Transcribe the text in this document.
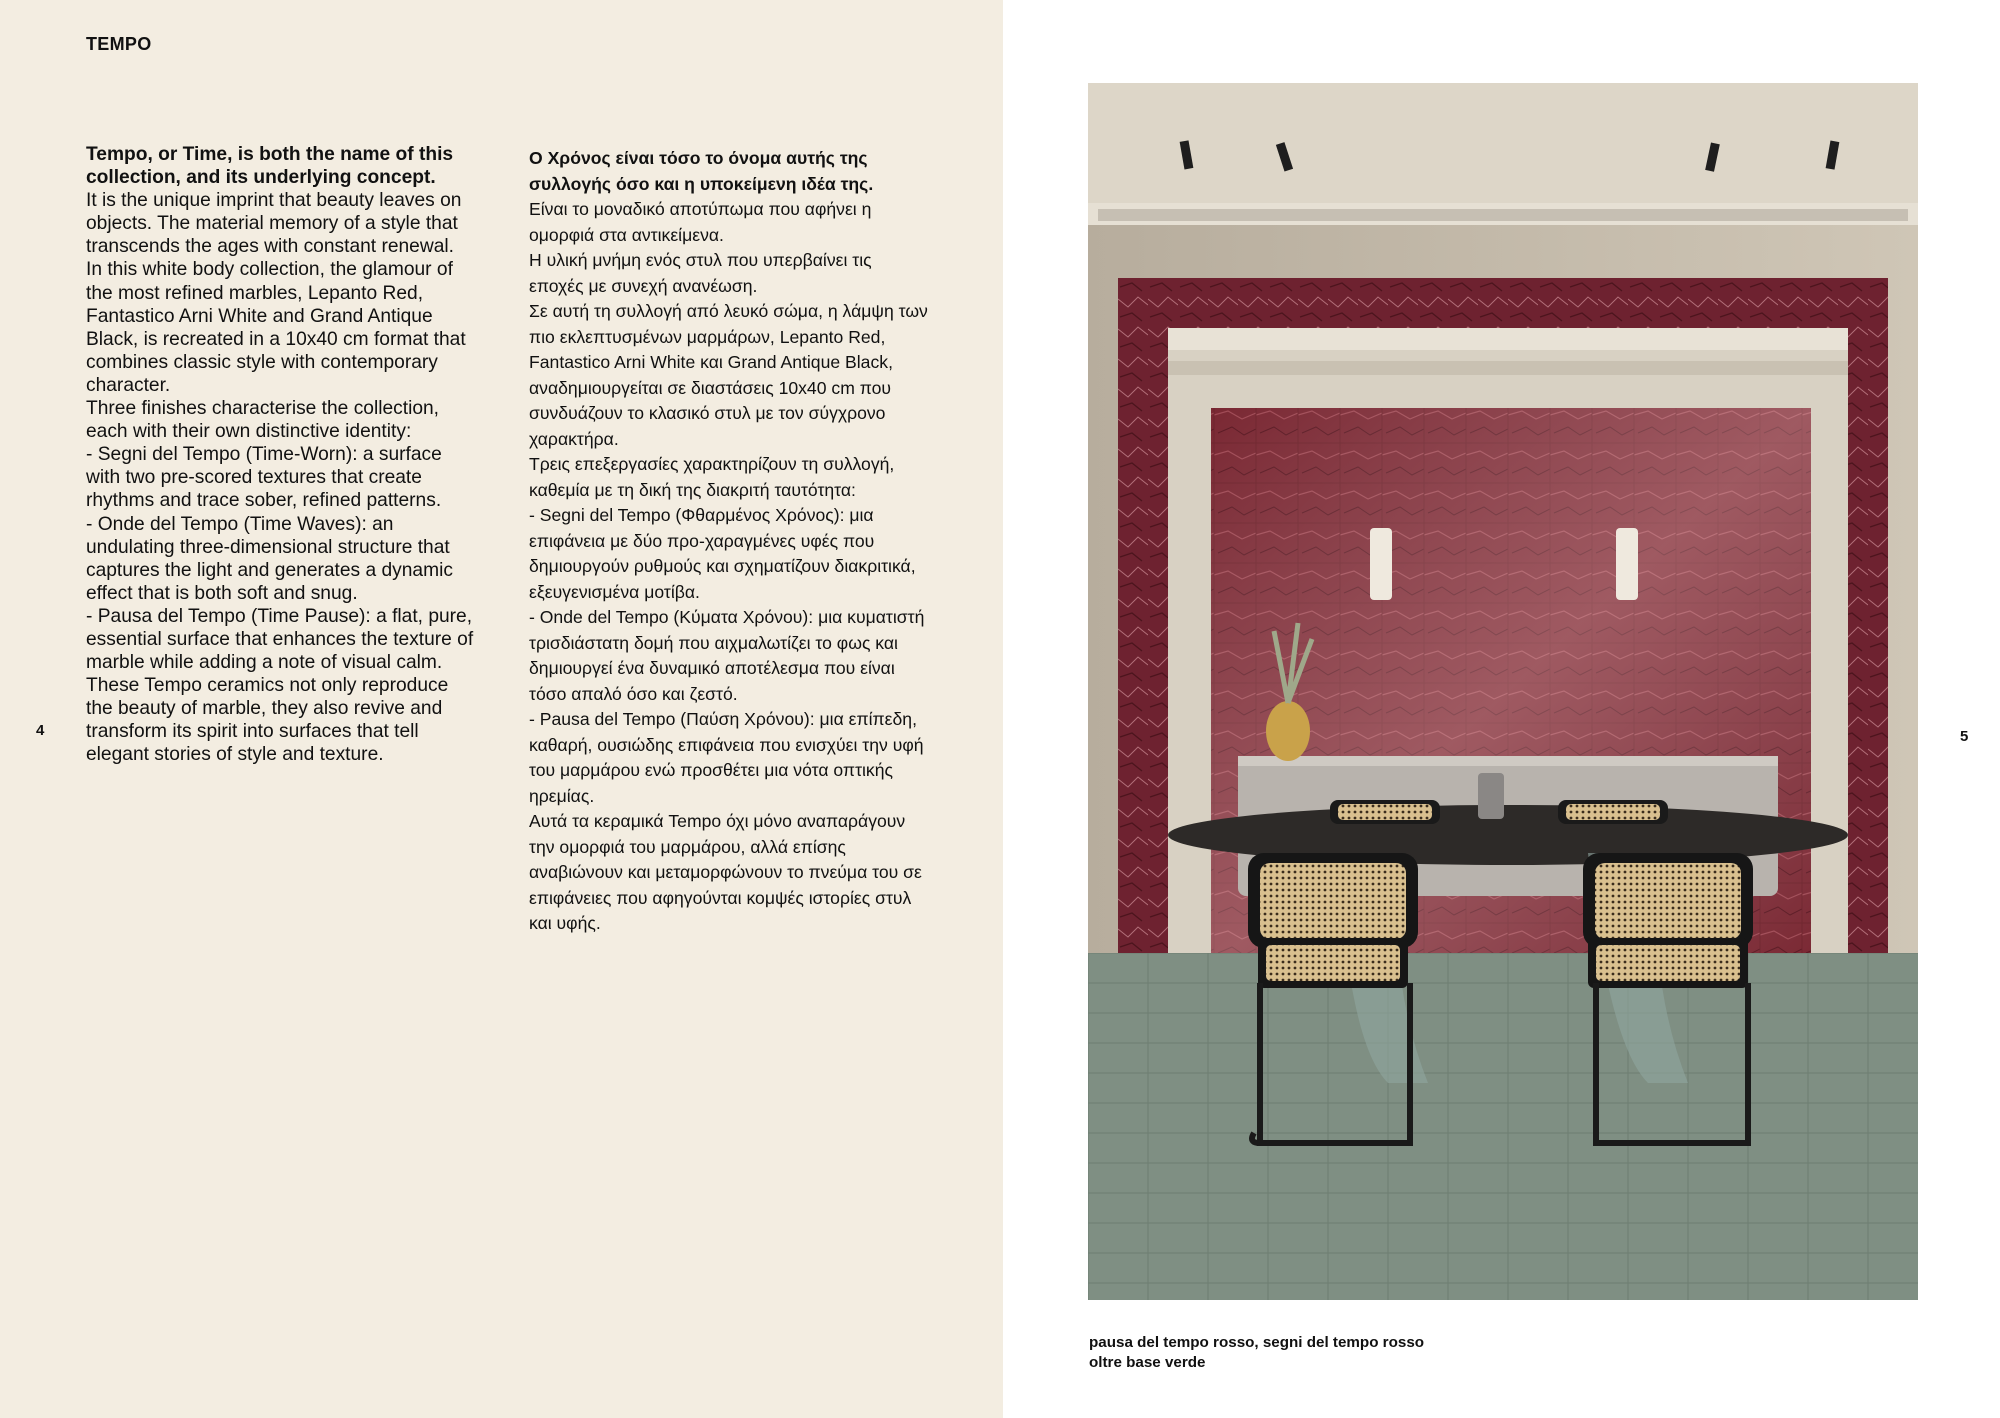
TEMPO

Tempo, or Time, is both the name of this collection, and its underlying concept.

It is the unique imprint that beauty leaves on objects. The material memory of a style that transcends the ages with constant renewal.

In this white body collection, the glamour of the most refined marbles, Lepanto Red, Fantastico Arni White and Grand Antique Black, is recreated in a 10x40 cm format that combines classic style with contemporary character.

Three finishes characterise the collection, each with their own distinctive identity:

- Segni del Tempo (Time-Worn): a surface with two pre-scored textures that create rhythms and trace sober, refined patterns.

- Onde del Tempo (Time Waves): an undulating three-dimensional structure that captures the light and generates a dynamic effect that is both soft and snug.

- Pausa del Tempo (Time Pause): a flat, pure, essential surface that enhances the texture of marble while adding a note of visual calm.

These Tempo ceramics not only reproduce the beauty of marble, they also revive and transform its spirit into surfaces that tell elegant stories of style and texture.

Ο Χρόνος είναι τόσο το όνομα αυτής της συλλογής όσο και η υποκείμενη ιδέα της.

Είναι το μοναδικό αποτύπωμα που αφήνει η ομορφιά στα αντικείμενα.

Η υλική μνήμη ενός στυλ που υπερβαίνει τις εποχές με συνεχή ανανέωση.

Σε αυτή τη συλλογή από λευκό σώμα, η λάμψη των πιο εκλεπτυσμένων μαρμάρων, Lepanto Red, Fantastico Arni White και Grand Antique Black, αναδημιουργείται σε διαστάσεις 10x40 cm που συνδυάζουν το κλασικό στυλ με τον σύγχρονο χαρακτήρα.

Τρεις επεξεργασίες χαρακτηρίζουν τη συλλογή, καθεμία με τη δική της διακριτή ταυτότητα:

- Segni del Tempo (Φθαρμένος Χρόνος): μια επιφάνεια με δύο προ-χαραγμένες υφές που δημιουργούν ρυθμούς και σχηματίζουν διακριτικά, εξευγενισμένα μοτίβα.

- Onde del Tempo (Κύματα Χρόνου): μια κυματιστή τρισδιάστατη δομή που αιχμαλωτίζει το φως και δημιουργεί ένα δυναμικό αποτέλεσμα που είναι τόσο απαλό όσο και ζεστό.

- Pausa del Tempo (Παύση Χρόνου): μια επίπεδη, καθαρή, ουσιώδης επιφάνεια που ενισχύει την υφή του μαρμάρου ενώ προσθέτει μια νότα οπτικής ηρεμίας.

Αυτά τα κεραμικά Tempo όχι μόνο αναπαράγουν την ομορφιά του μαρμάρου, αλλά επίσης αναβιώνουν και μεταμορφώνουν το πνεύμα του σε επιφάνειες που αφηγούνται κομψές ιστορίες στυλ και υφής.

4	5
pausa del tempo rosso, segni del tempo rosso
oltre base verde
